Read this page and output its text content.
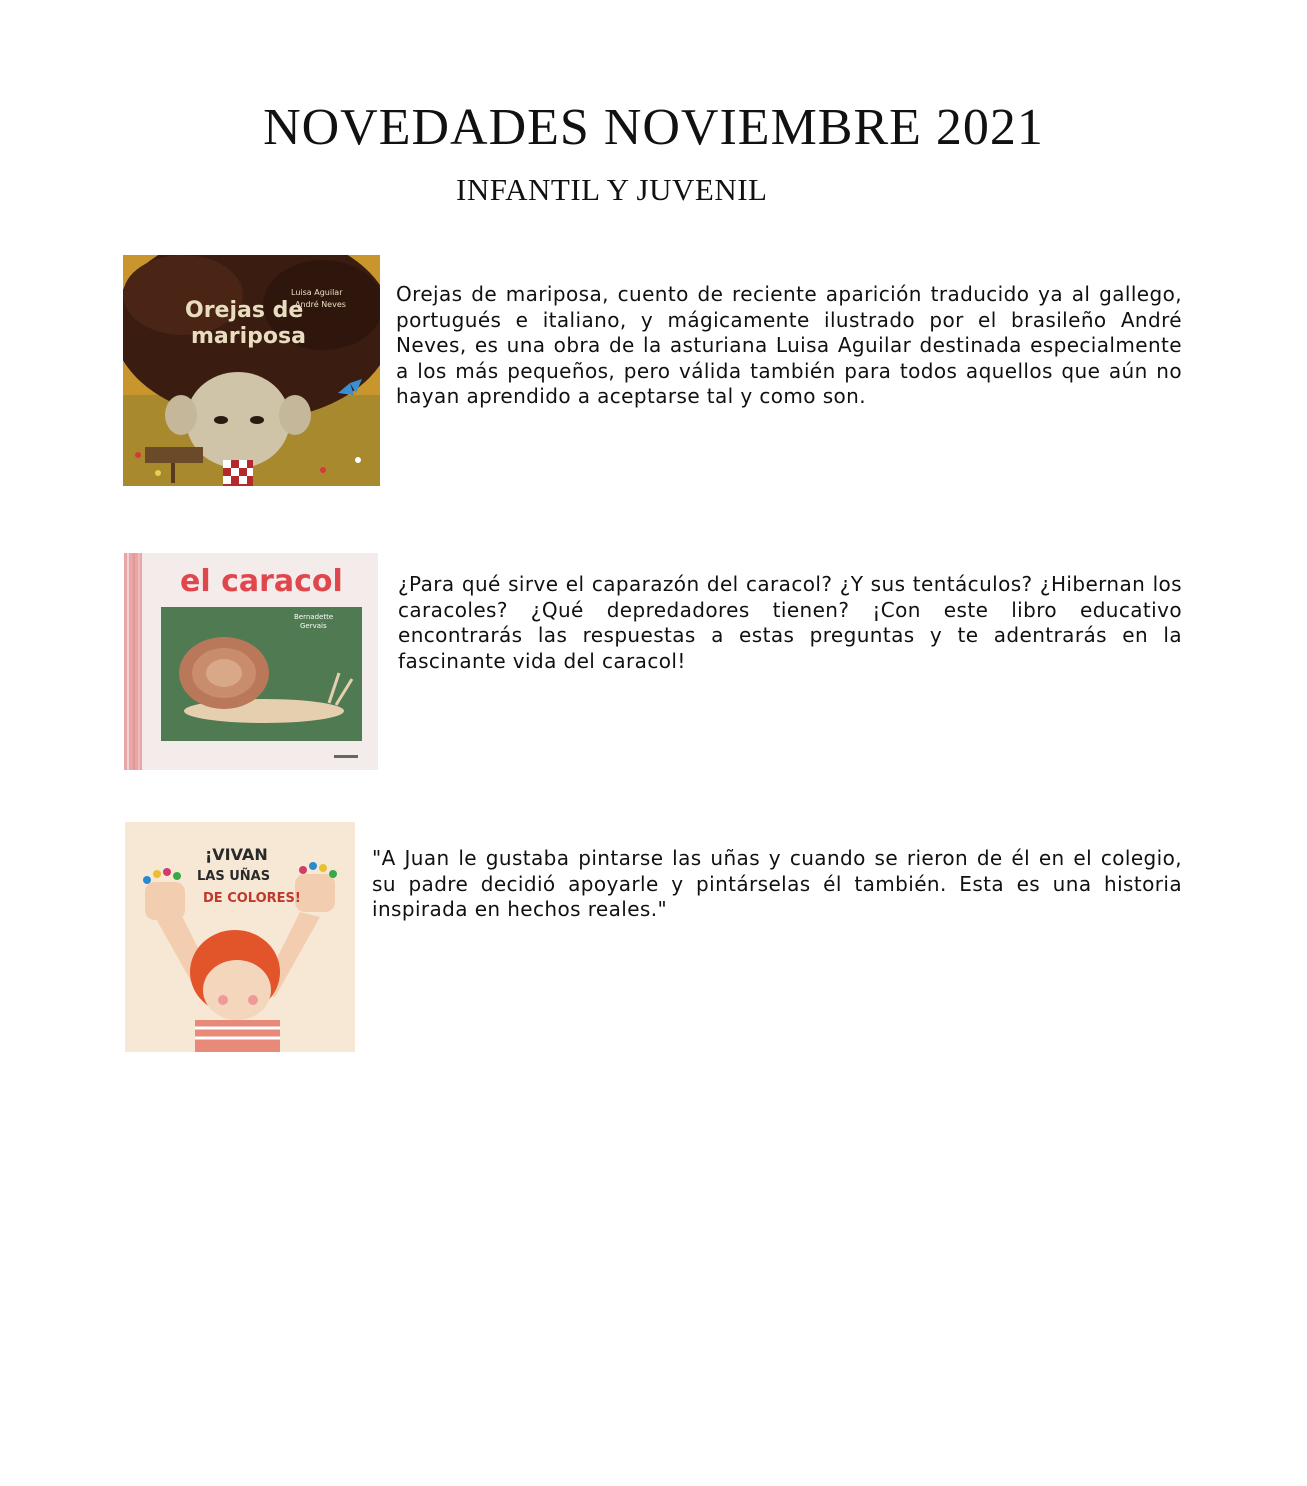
NOVEDADES NOVIEMBRE 2021
INFANTIL Y JUVENIL
Orejas de
mariposa
Luisa Aguilar
André Neves	Orejas de mariposa, cuento de reciente aparición traducido ya al gallego, portugués e italiano, y mágicamente ilustrado por el brasileño André Neves, es una obra de la asturiana Luisa Aguilar destinada especialmente a los más pequeños, pero válida también para todos aquellos que aún no hayan aprendido a aceptarse tal y como son.
el caracol
Bernadette
Gervais
¿Para qué sirve el caparazón del caracol? ¿Y sus tentáculos? ¿Hibernan los caracoles? ¿Qué depredadores tienen? ¡Con este libro educativo encontrarás las respuestas a estas preguntas y te adentrarás en la fascinante vida del caracol!
¡VIVAN
LAS UÑAS
DE COLORES!
"A Juan le gustaba pintarse las uñas y cuando se rieron de él en el colegio, su padre decidió apoyarle y pintárselas él también. Esta es una historia inspirada en hechos reales."
